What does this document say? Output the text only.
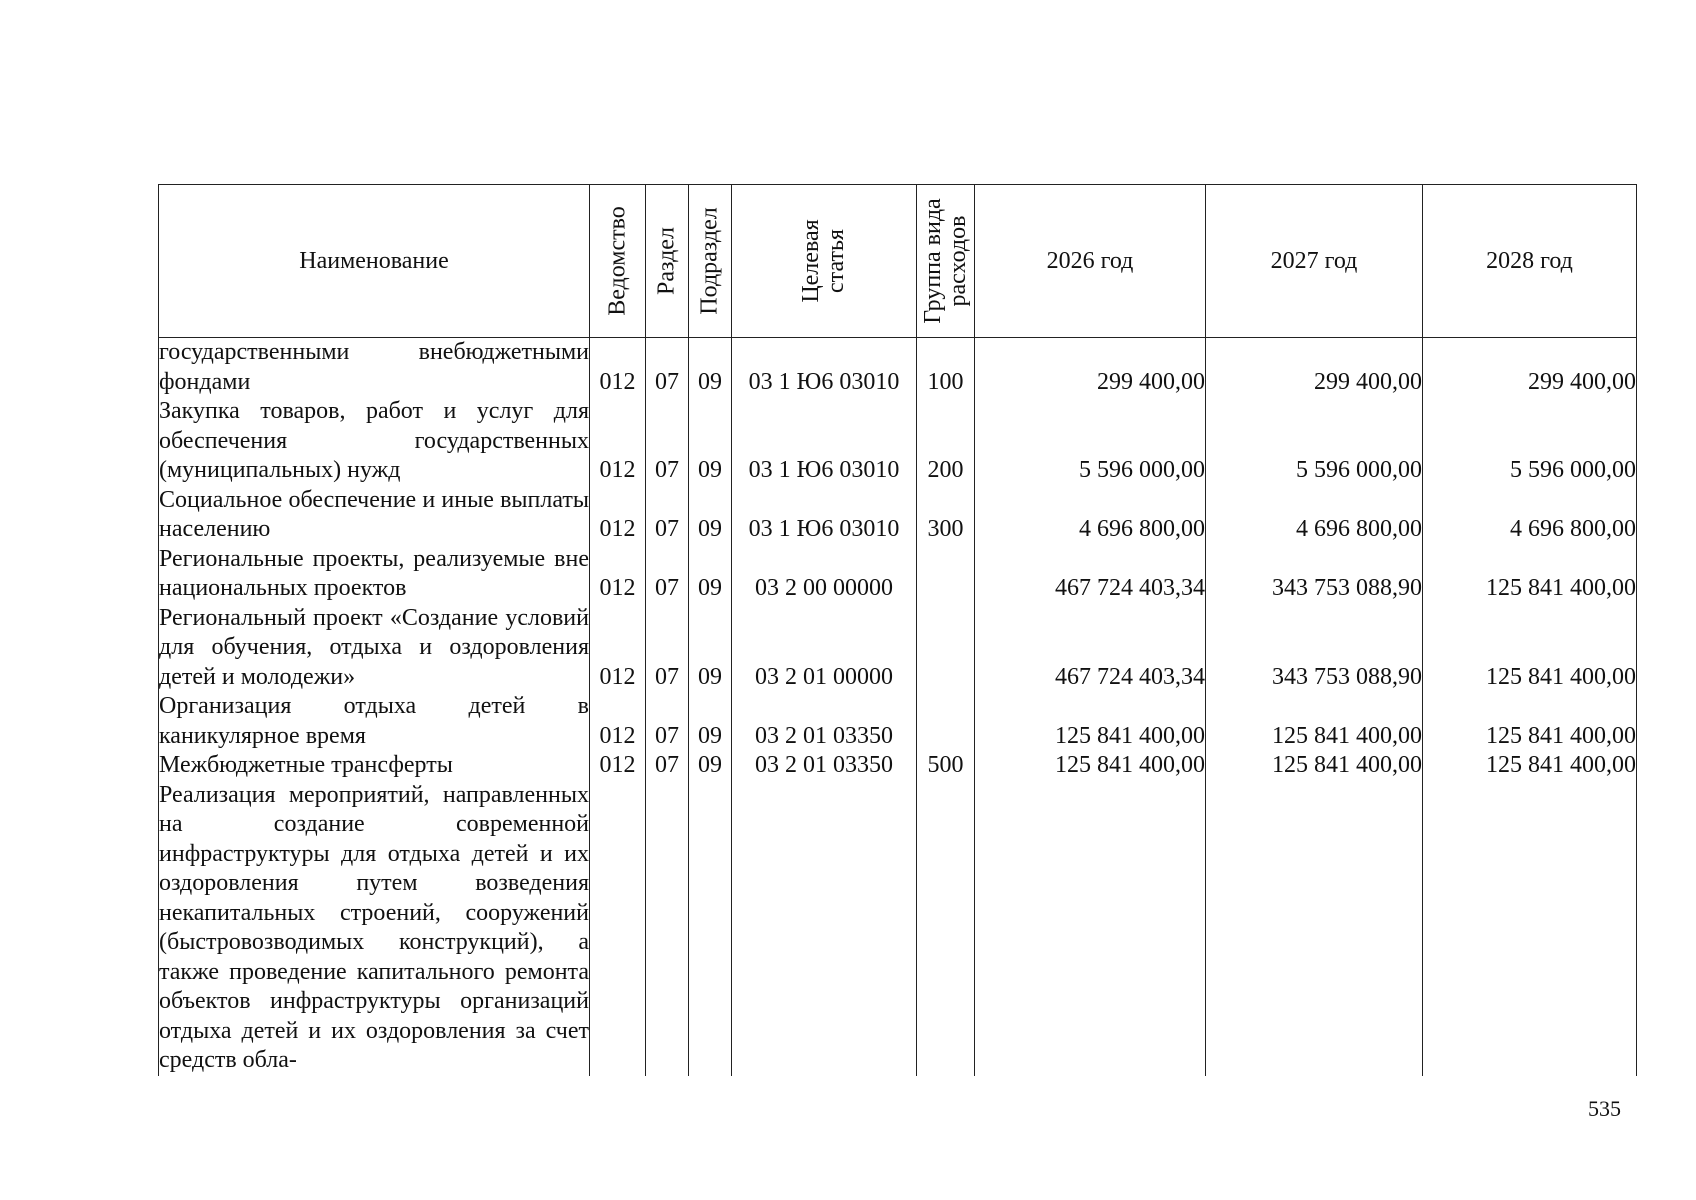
Наименование	Ведомство	Раздел	Подраздел	Целевая статья	Группа вида расходов	2026 год	2027 год	2028 год
государственными внебюджетными фондами	012	07	09	03 1 Ю6 03010	100	299 400,00	299 400,00	299 400,00
Закупка товаров, работ и услуг для обеспечения государственных (муниципальных) нужд	012	07	09	03 1 Ю6 03010	200	5 596 000,00	5 596 000,00	5 596 000,00
Социальное обеспечение и иные выплаты населению	012	07	09	03 1 Ю6 03010	300	4 696 800,00	4 696 800,00	4 696 800,00
Региональные проекты, реализуемые вне национальных проектов	012	07	09	03 2 00 00000		467 724 403,34	343 753 088,90	125 841 400,00
Региональный проект «Создание условий для обучения, отдыха и оздоровления детей и молодежи»	012	07	09	03 2 01 00000		467 724 403,34	343 753 088,90	125 841 400,00
Организация отдыха детей в каникулярное время	012	07	09	03 2 01 03350		125 841 400,00	125 841 400,00	125 841 400,00
Межбюджетные трансферты	012	07	09	03 2 01 03350	500	125 841 400,00	125 841 400,00	125 841 400,00
Реализация мероприятий, направленных на создание современной инфраструктуры для отдыха детей и их оздоровления путем возведения некапитальных строений, сооружений (быстровозводимых конструкций), а также проведение капитального ремонта объектов инфраструктуры организаций отдыха детей и их оздоровления за счет средств обла-								
535
